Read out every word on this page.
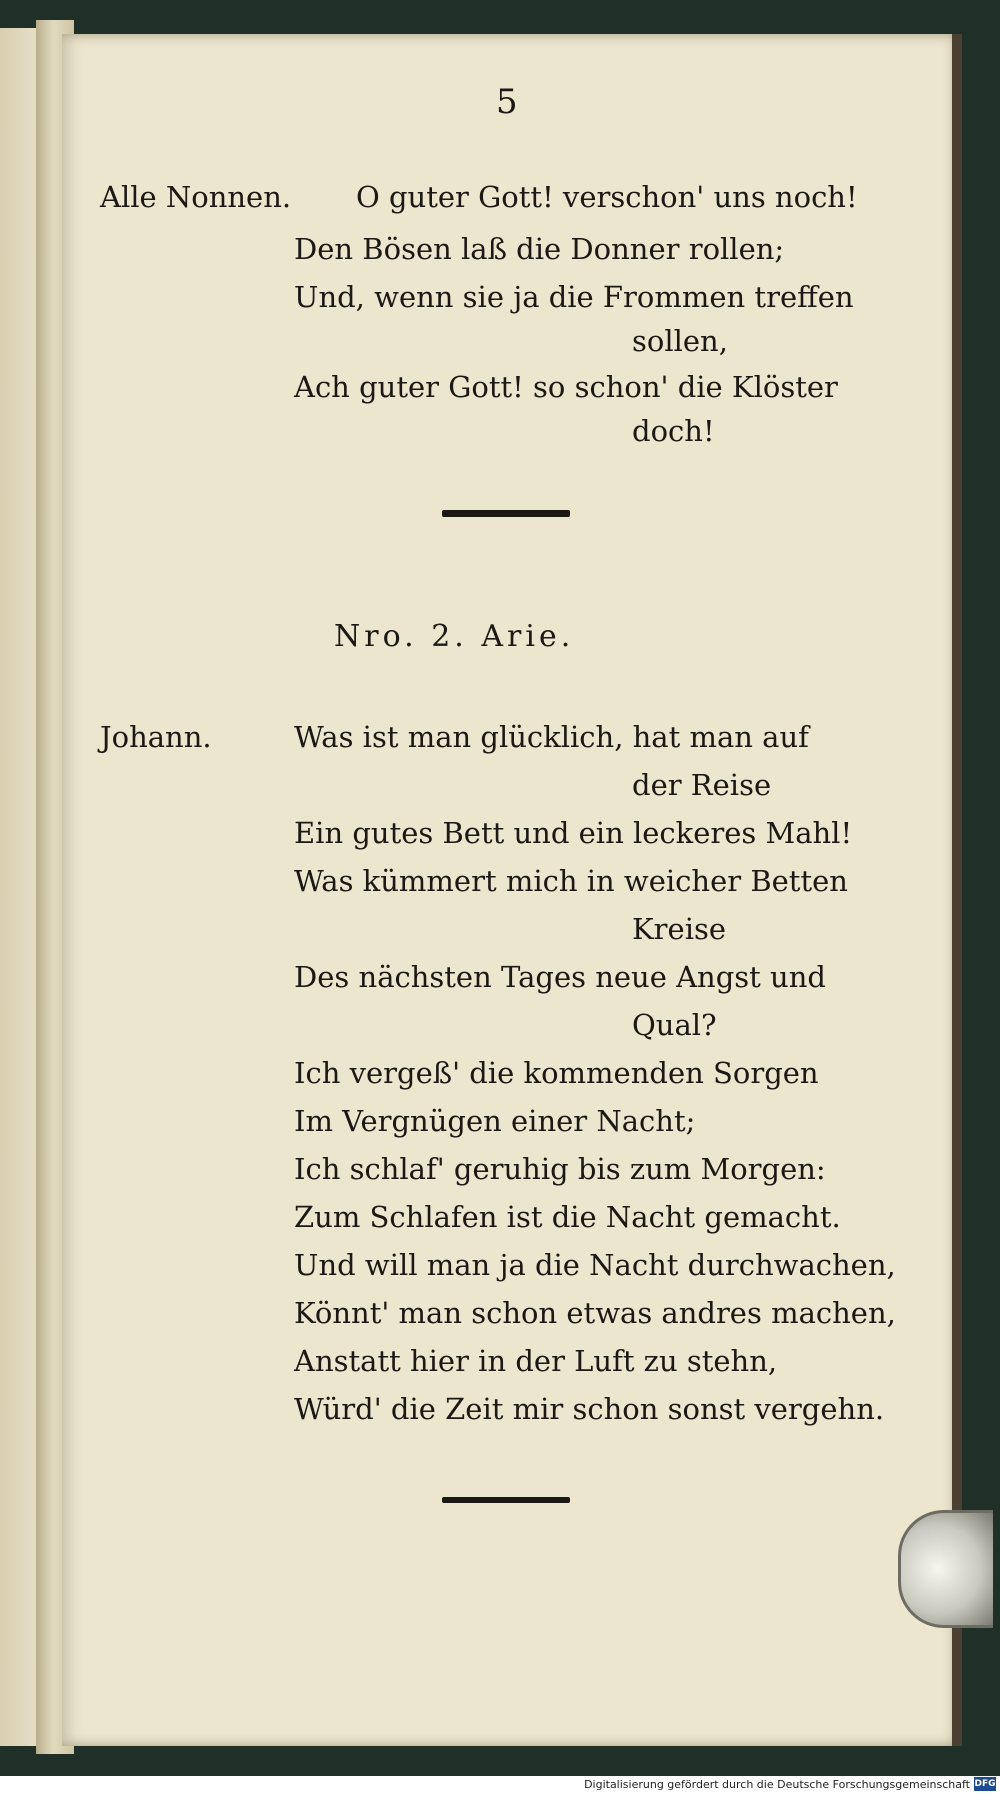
5
Alle Nonnen. O guter Gott! verschon' uns noch!
Den Bösen laß die Donner rollen;
Und, wenn sie ja die Frommen treffen
sollen,
Ach guter Gott! so schon' die Klöster
doch!
Nro. 2. Arie.
Johann.	Was ist man glücklich, hat man auf
der Reise
Ein gutes Bett und ein leckeres Mahl!
Was kümmert mich in weicher Betten
Kreise
Des nächsten Tages neue Angst und
Qual?
Ich vergeß' die kommenden Sorgen
Im Vergnügen einer Nacht;
Ich schlaf' geruhig bis zum Morgen:
Zum Schlafen ist die Nacht gemacht.
Und will man ja die Nacht durchwachen,
Könnt' man schon etwas andres machen,
Anstatt hier in der Luft zu stehn,
Würd' die Zeit mir schon sonst vergehn.
Digitalisierung gefördert durch die Deutsche Forschungsgemeinschaft DFG
